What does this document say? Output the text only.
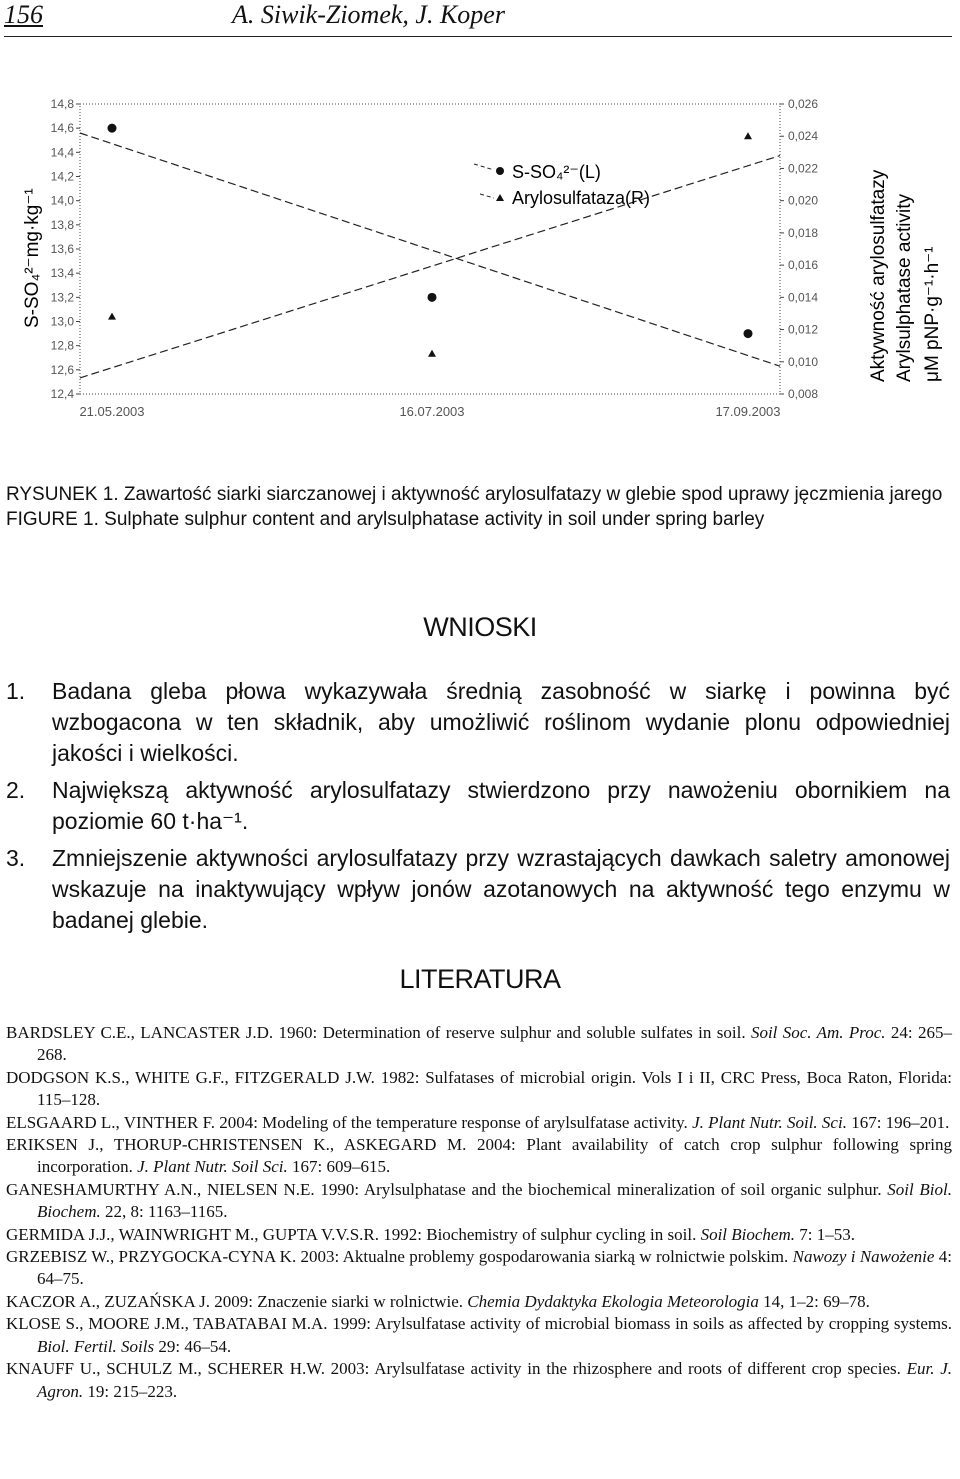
156	A. Siwik-Ziomek, J. Koper
14,8
14,6
14,4
14,2
14,0
13,8
13,6
13,4
13,2
13,0
12,8
12,6
12,4
0,026
0,024
0,022
0,020
0,018
0,016
0,014
0,012
0,010
0,008
21.05.2003	16.07.2003	17.09.2003
S-SO₄²⁻(L)
Arylosulfataza(R)
S-SO₄²⁻mg·kg⁻¹	Aktywność arylosulfatazy Arylsulphatase activity μM pNP·g⁻¹·h⁻¹

RYSUNEK 1. Zawartość siarki siarczanowej i aktywność arylosulfatazy w glebie spod uprawy jęczmienia jarego

FIGURE 1. Sulphate sulphur content and arylsulphatase activity in soil under spring barley

WNIOSKI
1. Badana gleba płowa wykazywała średnią zasobność w siarkę i powinna być wzbogacona w ten składnik, aby umożliwić roślinom wydanie plonu odpowiedniej jakości i wielkości.
2. Największą aktywność arylosulfatazy stwierdzono przy nawożeniu obornikiem na poziomie 60 t·ha⁻¹.
3. Zmniejszenie aktywności arylosulfatazy przy wzrastających dawkach saletry amonowej wskazuje na inaktywujący wpływ jonów azotanowych na aktywność tego enzymu w badanej glebie.
LITERATURA
BARDSLEY C.E., LANCASTER J.D. 1960: Determination of reserve sulphur and soluble sulfates in soil. Soil Soc. Am. Proc. 24: 265–268.
DODGSON K.S., WHITE G.F., FITZGERALD J.W. 1982: Sulfatases of microbial origin. Vols I i II, CRC Press, Boca Raton, Florida: 115–128.
ELSGAARD L., VINTHER F. 2004: Modeling of the temperature response of arylsulfatase activity. J. Plant Nutr. Soil. Sci. 167: 196–201.
ERIKSEN J., THORUP-CHRISTENSEN K., ASKEGARD M. 2004: Plant availability of catch crop sulphur following spring incorporation. J. Plant Nutr. Soil Sci. 167: 609–615.
GANESHAMURTHY A.N., NIELSEN N.E. 1990: Arylsulphatase and the biochemical mineralization of soil organic sulphur. Soil Biol. Biochem. 22, 8: 1163–1165.
GERMIDA J.J., WAINWRIGHT M., GUPTA V.V.S.R. 1992: Biochemistry of sulphur cycling in soil. Soil Biochem. 7: 1–53.
GRZEBISZ W., PRZYGOCKA-CYNA K. 2003: Aktualne problemy gospodarowania siarką w rolnictwie polskim. Nawozy i Nawożenie 4: 64–75.
KACZOR A., ZUZAŃSKA J. 2009: Znaczenie siarki w rolnictwie. Chemia Dydaktyka Ekologia Meteorologia 14, 1–2: 69–78.
KLOSE S., MOORE J.M., TABATABAI M.A. 1999: Arylsulfatase activity of microbial biomass in soils as affected by cropping systems. Biol. Fertil. Soils 29: 46–54.
KNAUFF U., SCHULZ M., SCHERER H.W. 2003: Arylsulfatase activity in the rhizosphere and roots of different crop species. Eur. J. Agron. 19: 215–223.
